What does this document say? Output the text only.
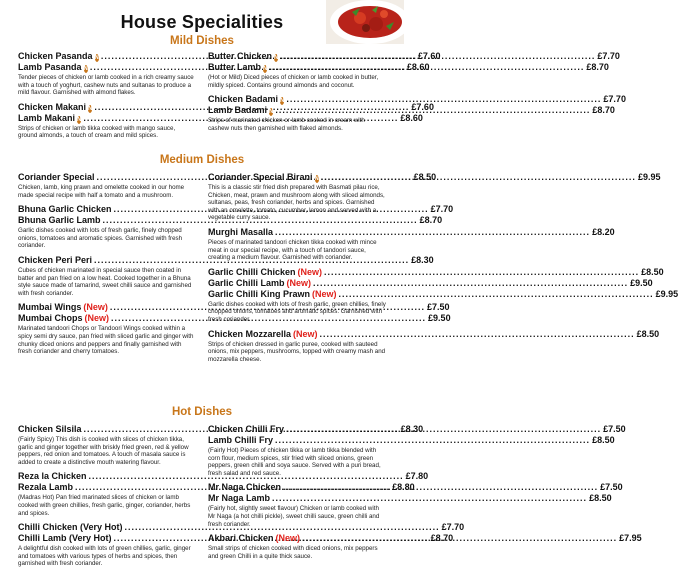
House Specialities
Mild Dishes
Chicken Pasanda N .....	£7.60
Lamb Pasanda N .....	£8.60
Tender pieces of chicken or lamb cooked in a rich creamy sauce with a touch of yoghurt, cashew nuts and sultanas to produce a mild flavour. Garnished with almond flakes.
Chicken Makani N .....	£7.60
Lamb Makani N .....	£8.60
Strips of chicken or lamb tikka cooked with mango sauce, ground almonds, a touch of cream and mild spices.
Butter Chicken N .....	£7.70
Butter Lamb N .....	£8.70
(Hot or Mild) Diced pieces of chicken or lamb cooked in butter, mildly spiced. Contains ground almonds and coconut.
Chicken Badami N .....	£7.70
Lamb Badami N .....	£8.70
Strips of marinated chicken or lamb cooked in cream with cashew nuts then garnished with flaked almonds.
Medium Dishes
Coriander Special .....	£8.50
Chicken, lamb, king prawn and omelette cooked in our home made special recipe with half a tomato and a mushroom.
Bhuna Garlic Chicken .....	£7.70
Bhuna Garlic Lamb .....	£8.70
Garlic dishes cooked with lots of fresh garlic, finely chopped onions, tomatoes and aromatic spices. Garnished with fresh coriander.
Chicken Peri Peri .....	£8.30
Cubes of chicken marinated in special sauce then coated in batter and pan fried on a low heat. Cooked together in a Bhuna style sauce made of tamarind, sweet chilli sauce and garnished with fresh coriander.
Mumbai Wings (New) .....	£7.50
Mumbai Chops (New) .....	£9.50
Marinated tandoori Chops or Tandoori Wings cooked within a spicy semi dry sauce, pan fried with sliced garlic and ginger with chunky diced onions and peppers and finally garnished with fresh coriander and cherry tomatoes.
Coriander Special Birani N .....	£9.95
This is a classic stir fried dish prepared with Basmati pilau rice, Chicken, meat, prawn and mushroom along with sliced almonds, sultanas, peas, fresh coriander, herbs and spices. Garnished with an omelette, tomato, cucumber, lemon and served with a vegetable curry sauce.
Murghi Masalla .....	£8.20
Pieces of marinated tandoori chicken tikka cooked with mince meat in our special recipe, with a touch of tandoori sauce, creating a medium flavour. Garnished with coriander.
Garlic Chilli Chicken (New) .....	£8.50
Garlic Chilli Lamb (New) .....	£9.50
Garlic Chilli King Prawn (New) .....	£9.95
Garlic dishes cooked with lots of fresh garlic, green chillies, finely chopped onions, tomatoes and aromatic spices. Garnished with fresh coriander.
Chicken Mozzarella (New) .....	£8.50
Strips of chicken dressed in garlic puree, cooked with sauteed onions, mix peppers, mushrooms, topped with creamy mash and mozzarella cheese.
Hot Dishes
Chicken Silsila .....	£8.30
(Fairly Spicy) This dish is cooked with slices of chicken tikka, garlic and ginger together with briskly fried green, red & yellow peppers, red onion and tomatoes. A touch of masala sauce is added to create a distinctive mouth watering flavour.
Reza la Chicken .....	£7.80
Rezala Lamb .....	£8.80
(Madras Hot) Pan fried marinated slices of chicken or lamb cooked with green chillies, fresh garlic, ginger, coriander, herbs and spices.
Chilli Chicken (Very Hot) .....	£7.70
Chilli Lamb (Very Hot) .....	£8.70
A delightful dish cooked with lots of green chillies, garlic, ginger and tomatoes with various types of herbs and spices, then garnished with fresh coriander.
Chicken Chilli Fry .....	£7.50
Lamb Chilli Fry .....	£8.50
(Fairly Hot) Pieces of chicken tikka or lamb tikka blended with corn flour, medium spices, stir fried with sliced onions, green peppers, green chilli and soya sauce. Served with a puri bread, fresh salad and red sauce.
Mr Naga Chicken .....	£7.50
Mr Naga Lamb .....	£8.50
(Fairly hot, slightly sweet flavour) Chicken or lamb cooked with Mr Naga (a hot chilli pickle), sweet chilli sauce, green chilli and fresh coriander.
Akbari Chicken (New) .....	£7.95
Small strips of chicken cooked with diced onions, mix peppers and green Chilli in a quite thick sauce.
